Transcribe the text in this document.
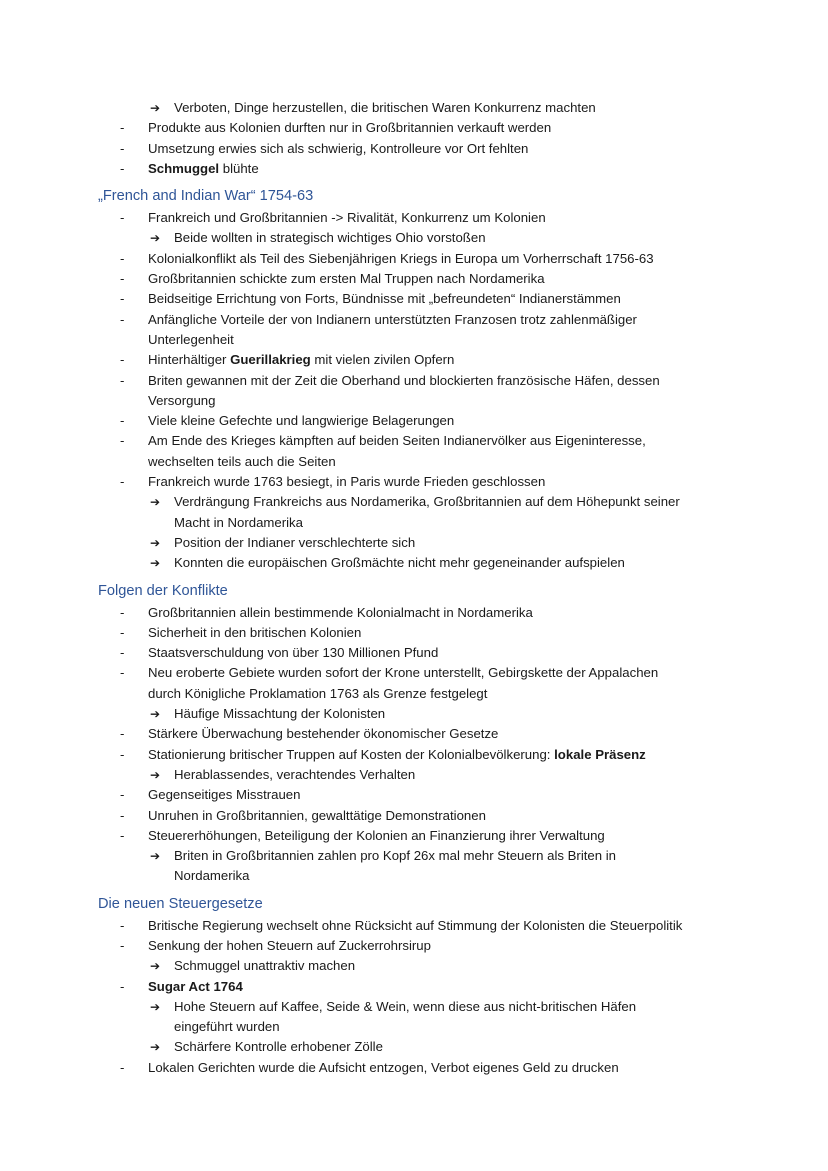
➔ Verboten, Dinge herzustellen, die britischen Waren Konkurrenz machten
- Produkte aus Kolonien durften nur in Großbritannien verkauft werden
- Umsetzung erwies sich als schwierig, Kontrolleure vor Ort fehlten
- Schmuggel blühte
„French and Indian War“ 1754-63
- Frankreich und Großbritannien -> Rivalität, Konkurrenz um Kolonien
➔ Beide wollten in strategisch wichtiges Ohio vorstoßen
- Kolonialkonflikt als Teil des Siebenjährigen Kriegs in Europa um Vorherrschaft 1756-63
- Großbritannien schickte zum ersten Mal Truppen nach Nordamerika
- Beidseitige Errichtung von Forts, Bündnisse mit „befreundeten“ Indianerstämmen
- Anfängliche Vorteile der von Indianern unterstützten Franzosen trotz zahlenmäßiger
Unterlegenheit
- Hinterhältiger Guerillakrieg mit vielen zivilen Opfern
- Briten gewannen mit der Zeit die Oberhand und blockierten französische Häfen, dessen
Versorgung
- Viele kleine Gefechte und langwierige Belagerungen
- Am Ende des Krieges kämpften auf beiden Seiten Indianervölker aus Eigeninteresse,
wechselten teils auch die Seiten
- Frankreich wurde 1763 besiegt, in Paris wurde Frieden geschlossen
➔ Verdrängung Frankreichs aus Nordamerika, Großbritannien auf dem Höhepunkt seiner
Macht in Nordamerika
➔ Position der Indianer verschlechterte sich
➔ Konnten die europäischen Großmächte nicht mehr gegeneinander aufspielen
Folgen der Konflikte
- Großbritannien allein bestimmende Kolonialmacht in Nordamerika
- Sicherheit in den britischen Kolonien
- Staatsverschuldung von über 130 Millionen Pfund
- Neu eroberte Gebiete wurden sofort der Krone unterstellt, Gebirgskette der Appalachen
durch Königliche Proklamation 1763 als Grenze festgelegt
➔ Häufige Missachtung der Kolonisten
- Stärkere Überwachung bestehender ökonomischer Gesetze
- Stationierung britischer Truppen auf Kosten der Kolonialbevölkerung: lokale Präsenz
➔ Herablassendes, verachtendes Verhalten
- Gegenseitiges Misstrauen
- Unruhen in Großbritannien, gewalttätige Demonstrationen
- Steuererhöhungen, Beteiligung der Kolonien an Finanzierung ihrer Verwaltung
➔ Briten in Großbritannien zahlen pro Kopf 26x mal mehr Steuern als Briten in
Nordamerika
Die neuen Steuergesetze
- Britische Regierung wechselt ohne Rücksicht auf Stimmung der Kolonisten die Steuerpolitik
- Senkung der hohen Steuern auf Zuckerrohrsirup
➔ Schmuggel unattraktiv machen
- Sugar Act 1764
➔ Hohe Steuern auf Kaffee, Seide & Wein, wenn diese aus nicht-britischen Häfen
eingeführt wurden
➔ Schärfere Kontrolle erhobener Zölle
- Lokalen Gerichten wurde die Aufsicht entzogen, Verbot eigenes Geld zu drucken
